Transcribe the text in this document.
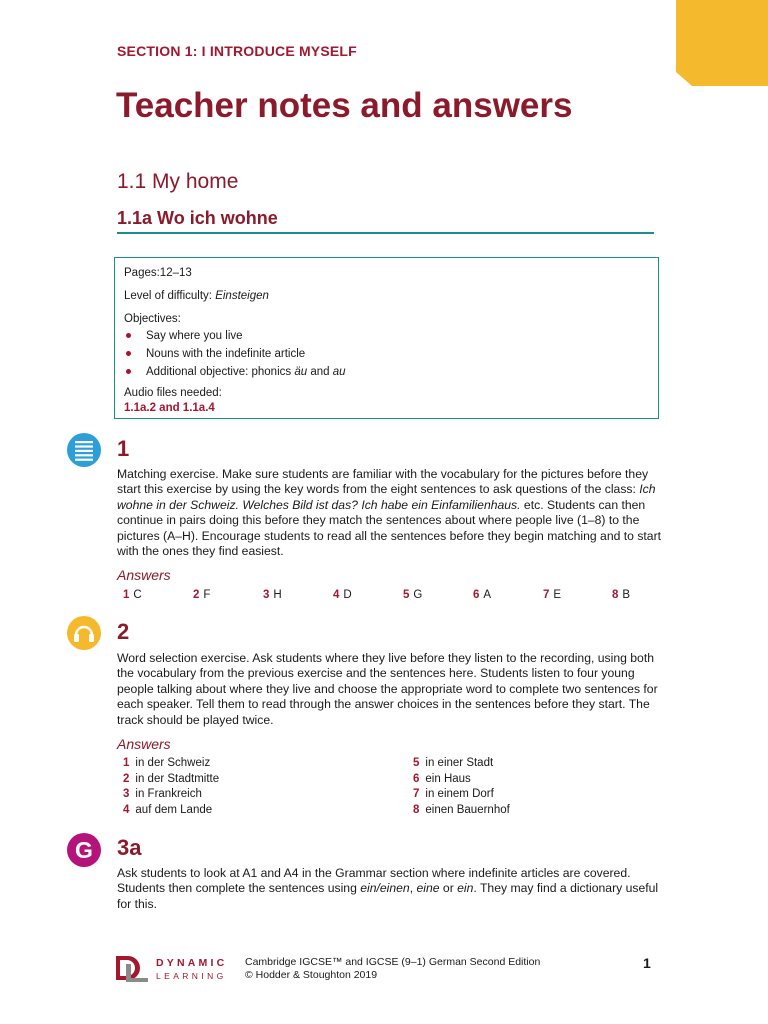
SECTION 1: I INTRODUCE MYSELF
Teacher notes and answers
1.1 My home
1.1a Wo ich wohne

Pages:12–13

Level of difficulty: Einsteigen

Objectives:

Say where you live
Nouns with the indefinite article
Additional objective: phonics äu and au

Audio files needed:

1.1a.2 and 1.1a.4

1

Matching exercise. Make sure students are familiar with the vocabulary for the pictures before they start this exercise by using the key words from the eight sentences to ask questions of the class: Ich wohne in der Schweiz. Welches Bild ist das? Ich habe ein Einfamilienhaus. etc. Students can then continue in pairs doing this before they match the sentences about where people live (1–8) to the pictures (A–H). Encourage students to read all the sentences before they begin matching and to start with the ones they find easiest.

Answers
1 C	2 F	3 H	4 D	5 G	6 A	7 E	8 B
2

Word selection exercise. Ask students where they live before they listen to the recording, using both the vocabulary from the previous exercise and the sentences here. Students listen to four young people talking about where they live and choose the appropriate word to complete two sentences for each speaker. Tell them to read through the answer choices in the sentences before they start. The track should be played twice.

Answers
1 in der Schweiz
2 in der Stadtmitte
3 in Frankreich
4 auf dem Lande
5 in einer Stadt
6 ein Haus
7 in einem Dorf
8 einen Bauernhof
G 3a

Ask students to look at A1 and A4 in the Grammar section where indefinite articles are covered. Students then complete the sentences using ein/einen, eine or ein. They may find a dictionary useful for this.

DYNAMIC
LEARNING
Cambridge IGCSE™ and IGCSE (9–1) German Second Edition
© Hodder & Stoughton 2019
1
